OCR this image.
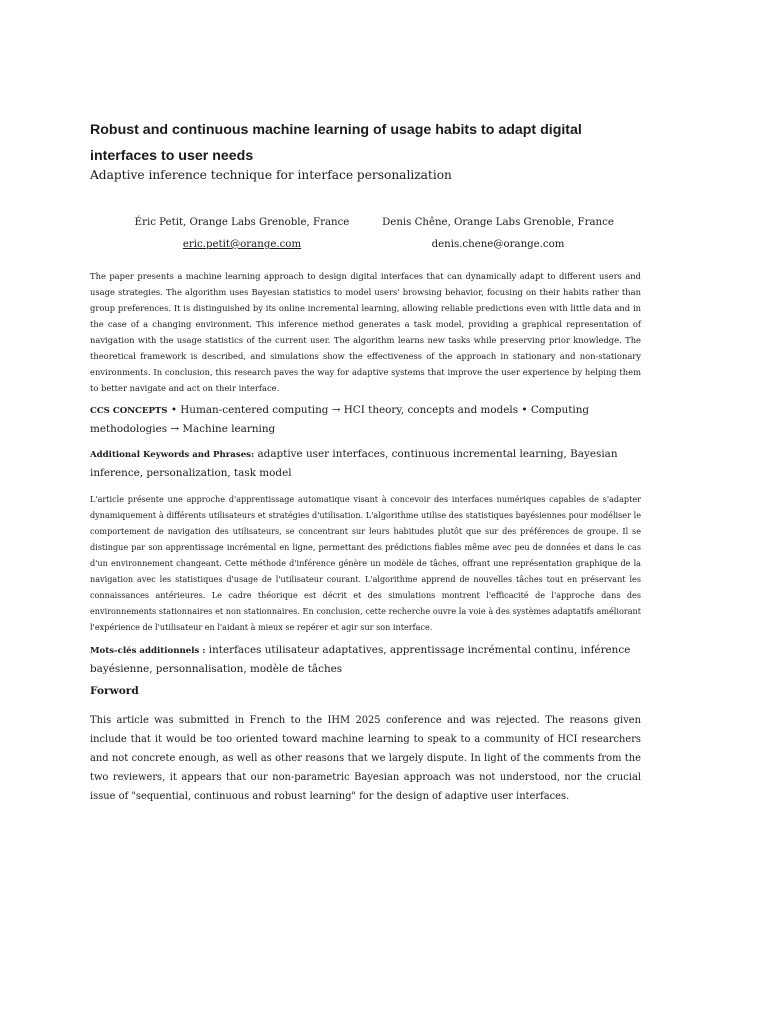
Robust and continuous machine learning of usage habits to adapt digital interfaces to user needs

Adaptive inference technique for interface personalization

Éric Petit, Orange Labs Grenoble, France
eric.petit@orange.com
Denis Chêne, Orange Labs Grenoble, France
denis.chene@orange.com

The paper presents a machine learning approach to design digital interfaces that can dynamically adapt to different users and usage strategies. The algorithm uses Bayesian statistics to model users' browsing behavior, focusing on their habits rather than group preferences. It is distinguished by its online incremental learning, allowing reliable predictions even with little data and in the case of a changing environment. This inference method generates a task model, providing a graphical representation of navigation with the usage statistics of the current user. The algorithm learns new tasks while preserving prior knowledge. The theoretical framework is described, and simulations show the effectiveness of the approach in stationary and non-stationary environments. In conclusion, this research paves the way for adaptive systems that improve the user experience by helping them to better navigate and act on their interface.

CCS CONCEPTS • Human-centered computing → HCI theory, concepts and models • Computing methodologies → Machine learning

Additional Keywords and Phrases: adaptive user interfaces, continuous incremental learning, Bayesian inference, personalization, task model

L'article présente une approche d'apprentissage automatique visant à concevoir des interfaces numériques capables de s'adapter dynamiquement à différents utilisateurs et stratégies d'utilisation. L'algorithme utilise des statistiques bayésiennes pour modéliser le comportement de navigation des utilisateurs, se concentrant sur leurs habitudes plutôt que sur des préférences de groupe. Il se distingue par son apprentissage incrémental en ligne, permettant des prédictions fiables même avec peu de données et dans le cas d'un environnement changeant. Cette méthode d'inférence génère un modèle de tâches, offrant une représentation graphique de la navigation avec les statistiques d'usage de l'utilisateur courant. L'algorithme apprend de nouvelles tâches tout en préservant les connaissances antérieures. Le cadre théorique est décrit et des simulations montrent l'efficacité de l'approche dans des environnements stationnaires et non stationnaires. En conclusion, cette recherche ouvre la voie à des systèmes adaptatifs améliorant l'expérience de l'utilisateur en l'aidant à mieux se repérer et agir sur son interface.

Mots-clés additionnels : interfaces utilisateur adaptatives, apprentissage incrémental continu, inférence bayésienne, personnalisation, modèle de tâches

Forword

This article was submitted in French to the IHM 2025 conference and was rejected. The reasons given include that it would be too oriented toward machine learning to speak to a community of HCI researchers and not concrete enough, as well as other reasons that we largely dispute. In light of the comments from the two reviewers, it appears that our non-parametric Bayesian approach was not understood, nor the crucial issue of "sequential, continuous and robust learning" for the design of adaptive user interfaces.
